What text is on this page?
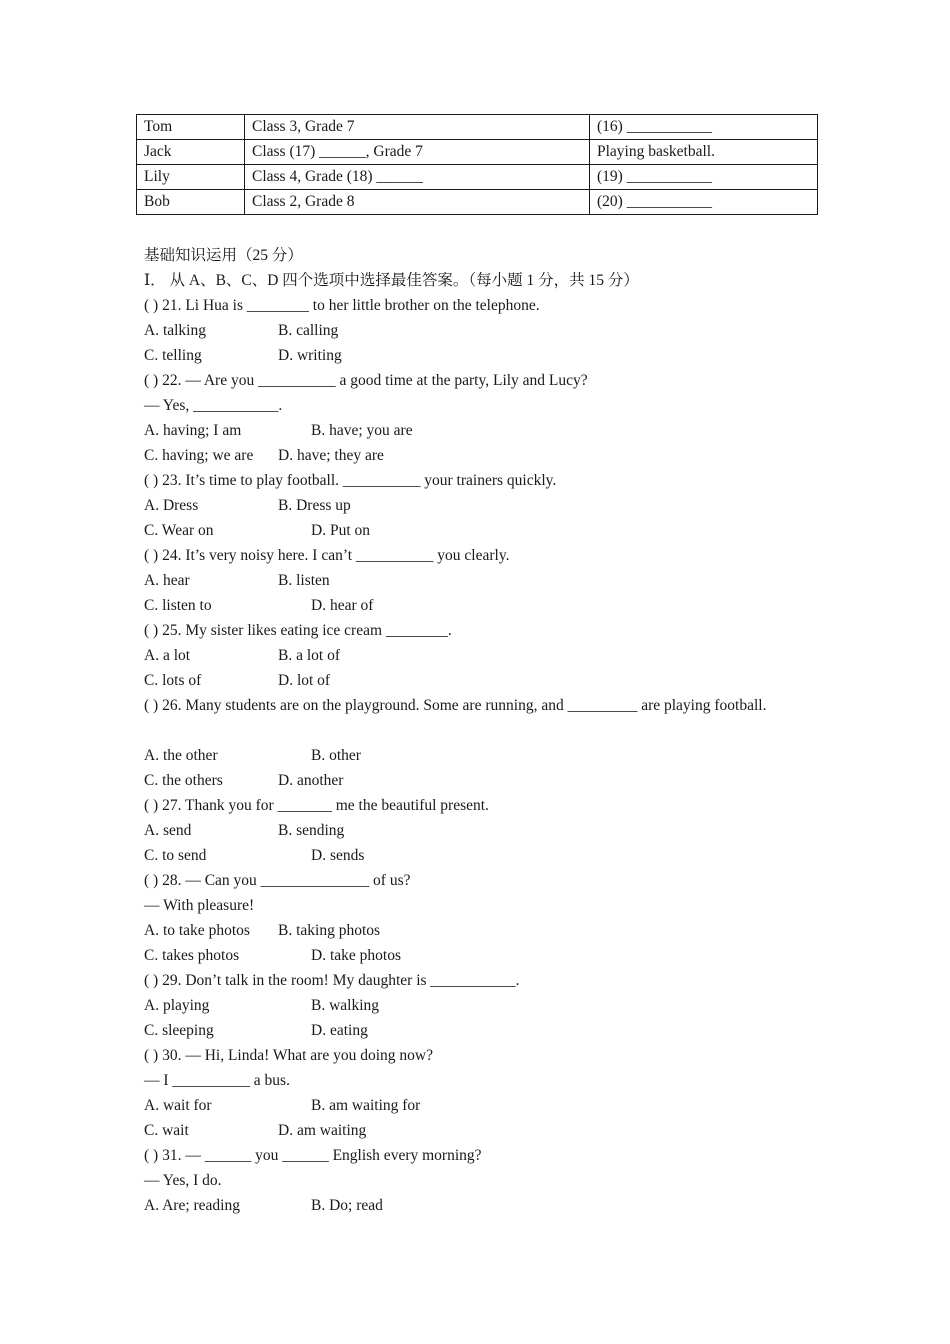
Tom	Class 3, Grade 7	(16) ___________
Jack	Class (17) ______, Grade 7	Playing basketball.
Lily	Class 4, Grade (18) ______	(19) ___________
Bob	Class 2, Grade 8	(20) ___________
基础知识运用（25 分）
Ⅰ． 从 A、B、C、D 四个选项中选择最佳答案。（每小题 1 分，共 15 分）
( ) 21. Li Hua is ________ to her little brother on the telephone.
A. talking	B. calling
C. telling	D. writing
( ) 22. — Are you __________ a good time at the party, Lily and Lucy?
— Yes, ___________.
A. having; I am	B. have; you are
C. having; we are D. have; they are
( ) 23. It’s time to play football. __________ your trainers quickly.
A. Dress	B. Dress up
C. Wear on	D. Put on
( ) 24. It’s very noisy here. I can’t __________ you clearly.
A. hear	B. listen
C. listen to	D. hear of
( ) 25. My sister likes eating ice cream ________.
A. a lot	B. a lot of
C. lots of	D. lot of
( ) 26. Many students are on the playground. Some are running, and _________ are playing football.
A. the other	B. other
C. the others	D. another
( ) 27. Thank you for _______ me the beautiful present.
A. send	B. sending
C. to send	D. sends
( ) 28. — Can you ______________ of us?
— With pleasure!
A. to take photos B. taking photos
C. takes photos	D. take photos
( ) 29. Don’t talk in the room! My daughter is ___________.
A. playing	B. walking
C. sleeping	D. eating
( ) 30. — Hi, Linda! What are you doing now?
— I __________ a bus.
A. wait for	B. am waiting for
C. wait	D. am waiting
( ) 31. — ______ you ______ English every morning?
— Yes, I do.
A. Are; reading	B. Do; read
